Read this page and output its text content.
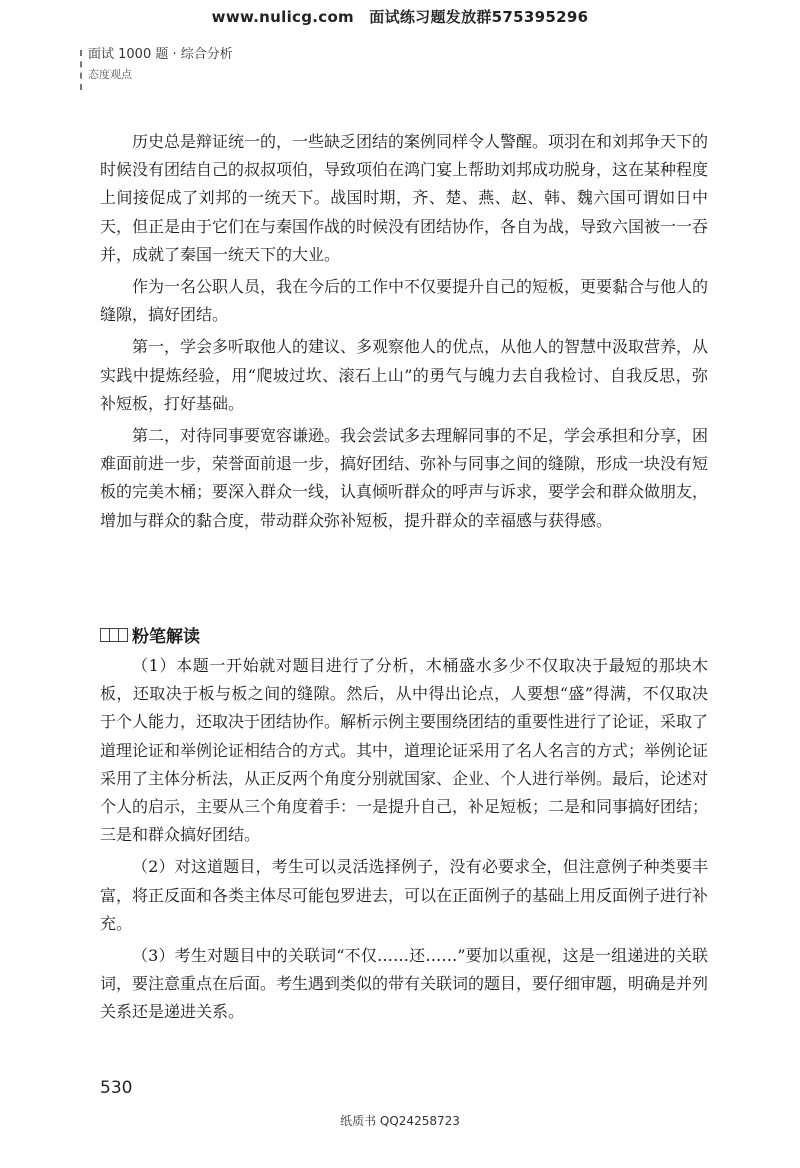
www.nulicg.com　面试练习题发放群575395296
面试 1000 题 · 综合分析
态度观点

历史总是辩证统一的，一些缺乏团结的案例同样令人警醒。项羽在和刘邦争天下的时候没有团结自己的叔叔项伯，导致项伯在鸿门宴上帮助刘邦成功脱身，这在某种程度上间接促成了刘邦的一统天下。战国时期，齐、楚、燕、赵、韩、魏六国可谓如日中天，但正是由于它们在与秦国作战的时候没有团结协作，各自为战，导致六国被一一吞并，成就了秦国一统天下的大业。

作为一名公职人员，我在今后的工作中不仅要提升自己的短板，更要黏合与他人的缝隙，搞好团结。

第一，学会多听取他人的建议、多观察他人的优点，从他人的智慧中汲取营养，从实践中提炼经验，用“爬坡过坎、滚石上山”的勇气与魄力去自我检讨、自我反思，弥补短板，打好基础。

第二，对待同事要宽容谦逊。我会尝试多去理解同事的不足，学会承担和分享，困难面前进一步，荣誉面前退一步，搞好团结、弥补与同事之间的缝隙，形成一块没有短板的完美木桶；要深入群众一线，认真倾听群众的呼声与诉求，要学会和群众做朋友，增加与群众的黏合度，带动群众弥补短板，提升群众的幸福感与获得感。

粉笔解读

（1）本题一开始就对题目进行了分析，木桶盛水多少不仅取决于最短的那块木板，还取决于板与板之间的缝隙。然后，从中得出论点，人要想“盛”得满，不仅取决于个人能力，还取决于团结协作。解析示例主要围绕团结的重要性进行了论证，采取了道理论证和举例论证相结合的方式。其中，道理论证采用了名人名言的方式；举例论证采用了主体分析法，从正反两个角度分别就国家、企业、个人进行举例。最后，论述对个人的启示，主要从三个角度着手：一是提升自己，补足短板；二是和同事搞好团结；三是和群众搞好团结。

（2）对这道题目，考生可以灵活选择例子，没有必要求全，但注意例子种类要丰富，将正反面和各类主体尽可能包罗进去，可以在正面例子的基础上用反面例子进行补充。

（3）考生对题目中的关联词“不仅……还……”要加以重视，这是一组递进的关联词，要注意重点在后面。考生遇到类似的带有关联词的题目，要仔细审题，明确是并列关系还是递进关系。

530
纸质书 QQ24258723
